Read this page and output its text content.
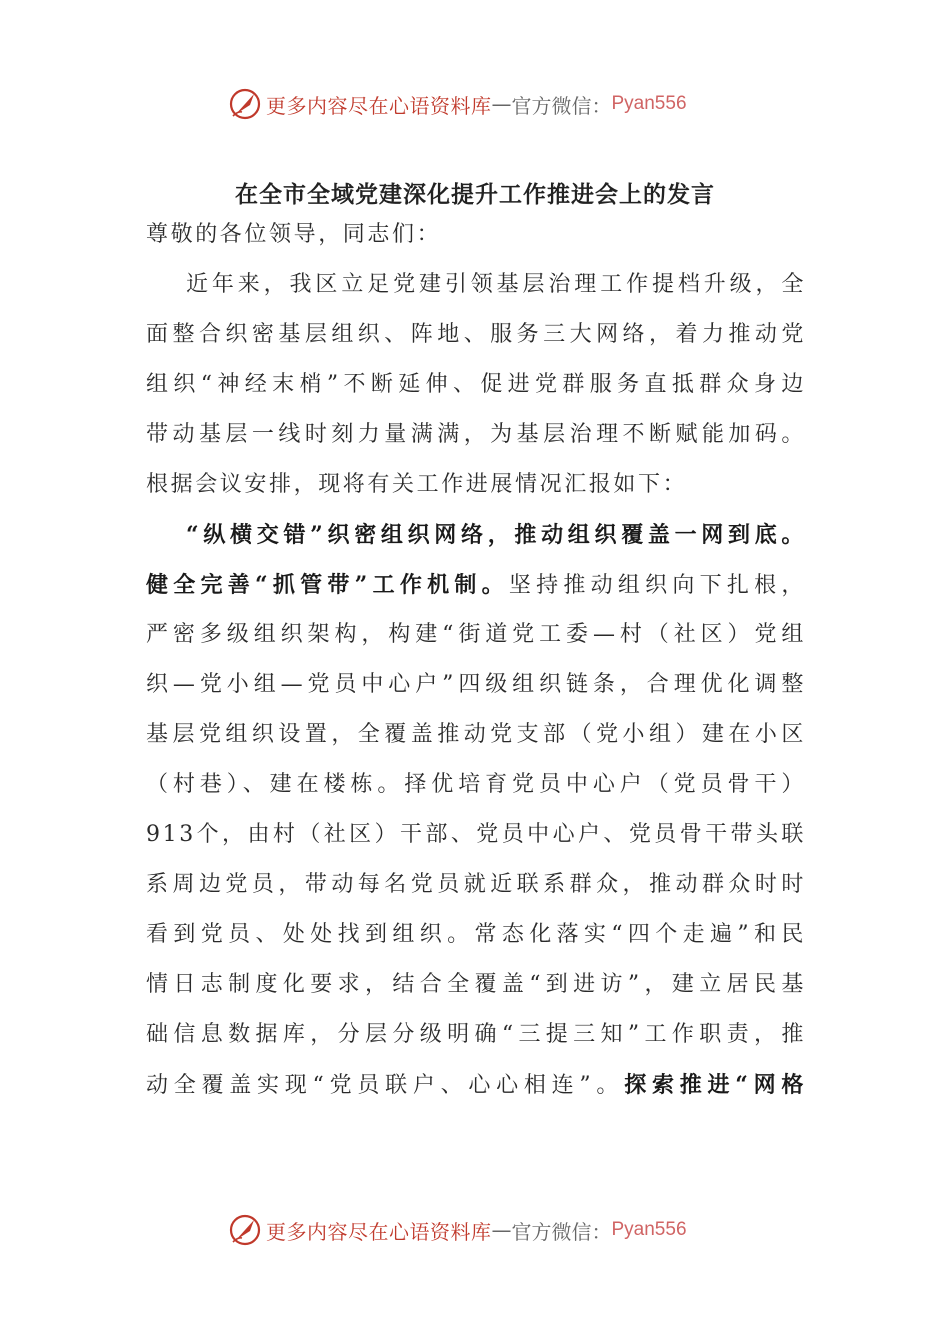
更多内容尽在心语资料库 — 官方微信： Pyan556
在全市全域党建深化提升工作推进会上的发言
尊敬的各位领导，同志们：
近年来，我区立足党建引领基层治理工作提档升级，全
面整合织密基层组织、阵地、服务三大网络，着力推动党
组织“神经末梢”不断延伸、促进党群服务直抵群众身边
带动基层一线时刻力量满满，为基层治理不断赋能加码。
根据会议安排，现将有关工作进展情况汇报如下：
“纵横交错”织密组织网络，推动组织覆盖一网到底。
健全完善“抓管带”工作机制。坚持推动组织向下扎根，
严密多级组织架构，构建“街道党工委—村（社区）党组
织—党小组—党员中心户”四级组织链条，合理优化调整
基层党组织设置，全覆盖推动党支部（党小组）建在小区
（村巷）、建在楼栋。择优培育党员中心户（党员骨干）
913个，由村（社区）干部、党员中心户、党员骨干带头联
系周边党员，带动每名党员就近联系群众，推动群众时时
看到党员、处处找到组织。常态化落实“四个走遍”和民
情日志制度化要求，结合全覆盖“到进访”，建立居民基
础信息数据库，分层分级明确“三提三知”工作职责，推
动全覆盖实现“党员联户、心心相连”。探索推进“网格
更多内容尽在心语资料库 — 官方微信： Pyan556
